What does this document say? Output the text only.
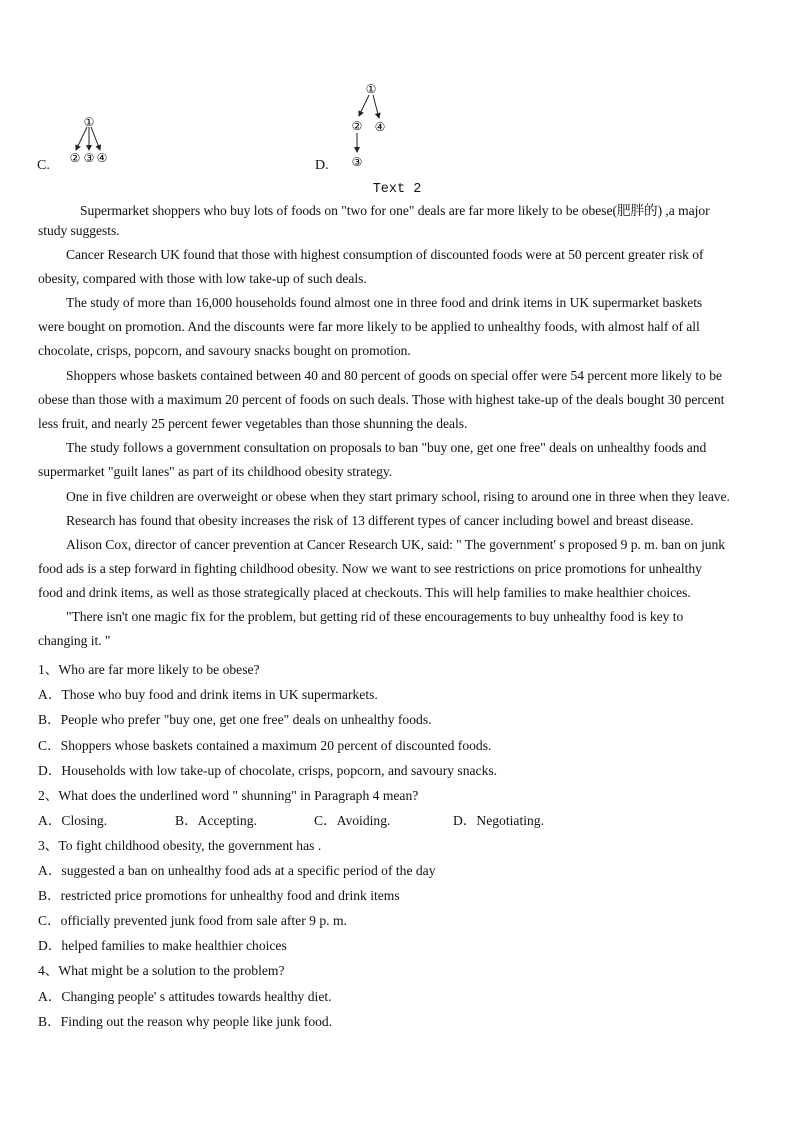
①
② ③ ④
C.
①
② ④
③
D.
Text 2
Supermarket shoppers who buy lots of foods on "two for one" deals are far more likely to be obese(肥胖的) ,a major
study suggests.
Cancer Research UK found that those with highest consumption of discounted foods were at 50 percent greater risk of
obesity, compared with those with low take-up of such deals.
The study of more than 16,000 households found almost one in three food and drink items in UK supermarket baskets
were bought on promotion. And the discounts were far more likely to be applied to unhealthy foods, with almost half of all
chocolate, crisps, popcorn, and savoury snacks bought on promotion.
Shoppers whose baskets contained between 40 and 80 percent of goods on special offer were 54 percent more likely to be
obese than those with a maximum 20 percent of foods on such deals. Those with highest take-up of the deals bought 30 percent
less fruit, and nearly 25 percent fewer vegetables than those shunning the deals.
The study follows a government consultation on proposals to ban "buy one, get one free" deals on unhealthy foods and
supermarket "guilt lanes" as part of its childhood obesity strategy.
One in five children are overweight or obese when they start primary school, rising to around one in three when they leave.
Research has found that obesity increases the risk of 13 different types of cancer including bowel and breast disease.
Alison Cox, director of cancer prevention at Cancer Research UK, said: " The government' s proposed 9 p. m. ban on junk
food ads is a step forward in fighting childhood obesity. Now we want to see restrictions on price promotions for unhealthy
food and drink items, as well as those strategically placed at checkouts. This will help families to make healthier choices.
"There isn't one magic fix for the problem, but getting rid of these encouragements to buy unhealthy food is key to
changing it. "
1、Who are far more likely to be obese?
A．Those who buy food and drink items in UK supermarkets.
B．People who prefer "buy one, get one free" deals on unhealthy foods.
C．Shoppers whose baskets contained a maximum 20 percent of discounted foods.
D．Households with low take-up of chocolate, crisps, popcorn, and savoury snacks.
2、What does the underlined word " shunning" in Paragraph 4 mean?
A．Closing.	B．Accepting.	C．Avoiding.	D．Negotiating.
3、To fight childhood obesity, the government has .
A．suggested a ban on unhealthy food ads at a specific period of the day
B．restricted price promotions for unhealthy food and drink items
C．officially prevented junk food from sale after 9 p. m.
D．helped families to make healthier choices
4、What might be a solution to the problem?
A．Changing people' s attitudes towards healthy diet.
B．Finding out the reason why people like junk food.
